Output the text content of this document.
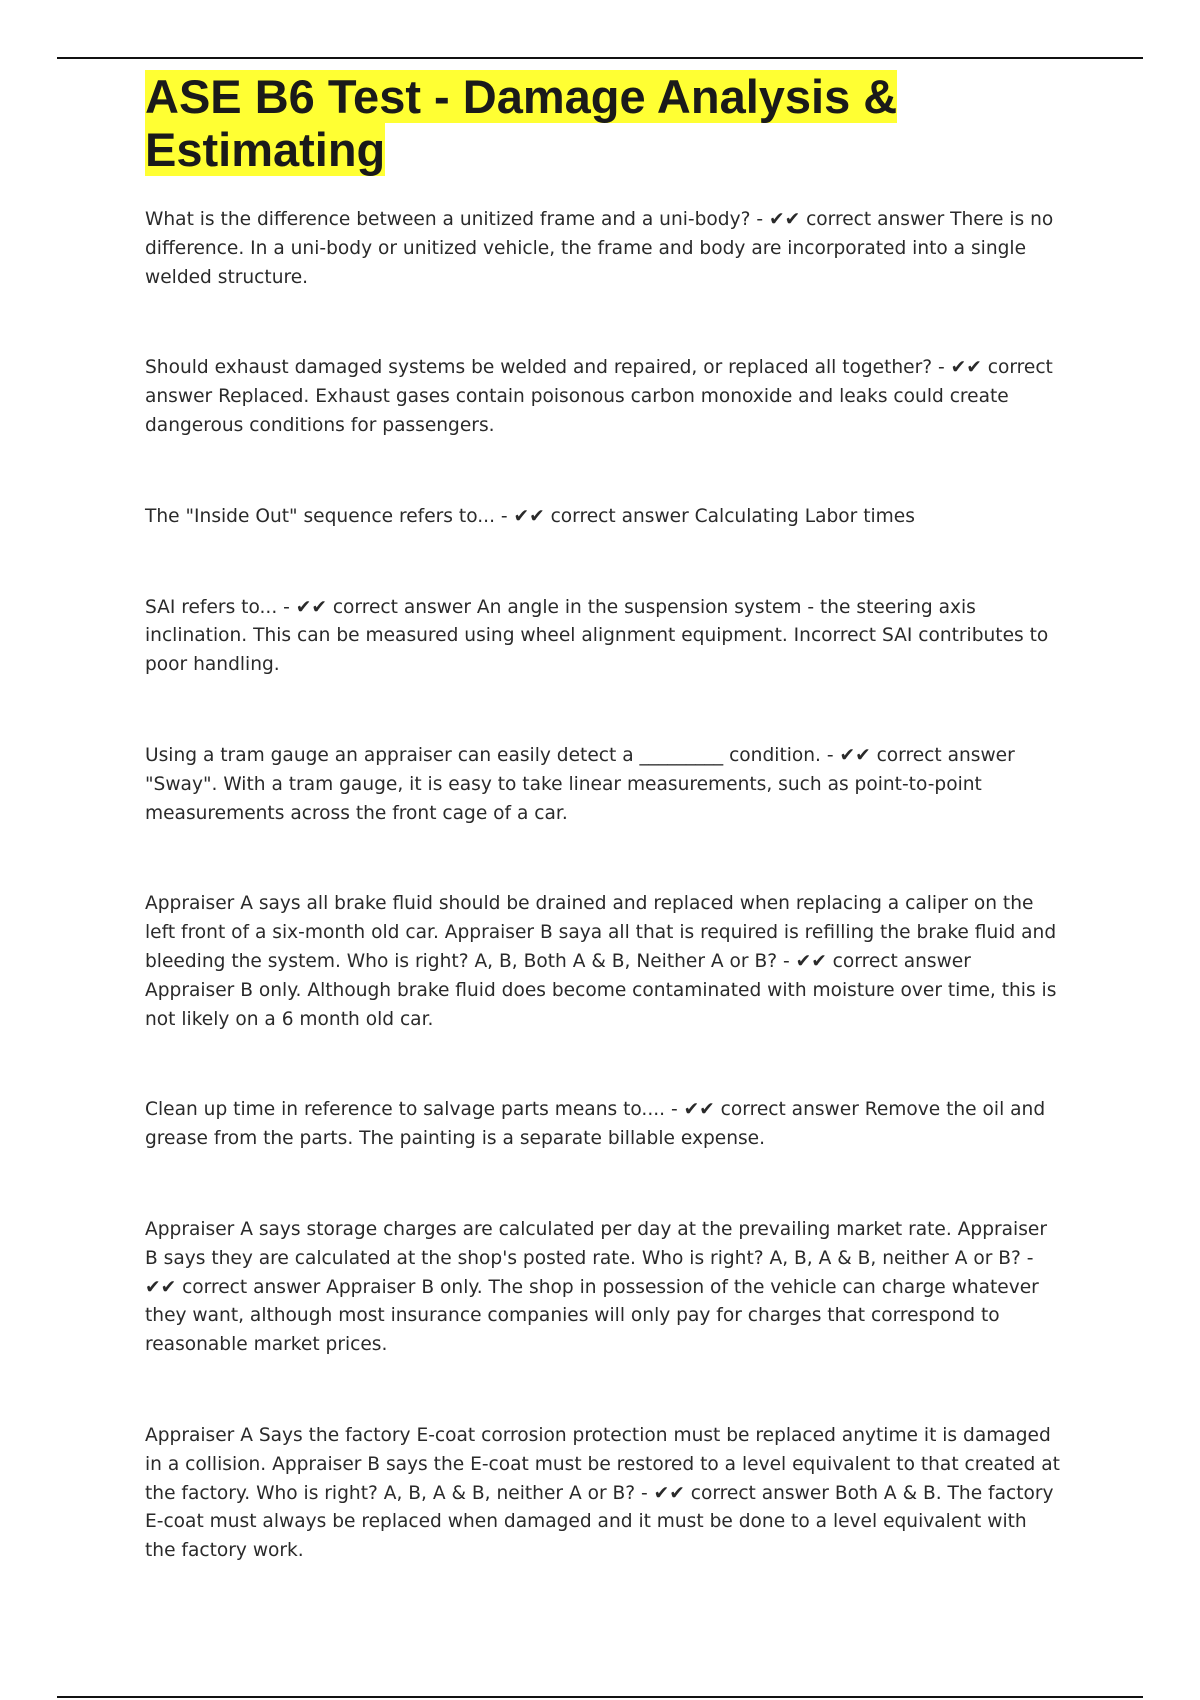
ASE B6 Test - Damage Analysis & Estimating

What is the difference between a unitized frame and a uni-body? - ✔✔ correct answer There is no difference. In a uni-body or unitized vehicle, the frame and body are incorporated into a single welded structure.

Should exhaust damaged systems be welded and repaired, or replaced all together? - ✔✔ correct answer Replaced. Exhaust gases contain poisonous carbon monoxide and leaks could create dangerous conditions for passengers.

The "Inside Out" sequence refers to... - ✔✔ correct answer Calculating Labor times

SAI refers to... - ✔✔ correct answer An angle in the suspension system - the steering axis inclination. This can be measured using wheel alignment equipment. Incorrect SAI contributes to poor handling.

Using a tram gauge an appraiser can easily detect a _________ condition. - ✔✔ correct answer "Sway". With a tram gauge, it is easy to take linear measurements, such as point-to-point measurements across the front cage of a car.

Appraiser A says all brake fluid should be drained and replaced when replacing a caliper on the left front of a six-month old car. Appraiser B saya all that is required is refilling the brake fluid and bleeding the system. Who is right? A, B, Both A & B, Neither A or B? - ✔✔ correct answer Appraiser B only. Although brake fluid does become contaminated with moisture over time, this is not likely on a 6 month old car.

Clean up time in reference to salvage parts means to.... - ✔✔ correct answer Remove the oil and grease from the parts. The painting is a separate billable expense.

Appraiser A says storage charges are calculated per day at the prevailing market rate. Appraiser B says they are calculated at the shop's posted rate. Who is right? A, B, A & B, neither A or B? - ✔✔ correct answer Appraiser B only. The shop in possession of the vehicle can charge whatever they want, although most insurance companies will only pay for charges that correspond to reasonable market prices.

Appraiser A Says the factory E-coat corrosion protection must be replaced anytime it is damaged in a collision. Appraiser B says the E-coat must be restored to a level equivalent to that created at the factory. Who is right? A, B, A & B, neither A or B? - ✔✔ correct answer Both A & B. The factory E-coat must always be replaced when damaged and it must be done to a level equivalent with the factory work.
